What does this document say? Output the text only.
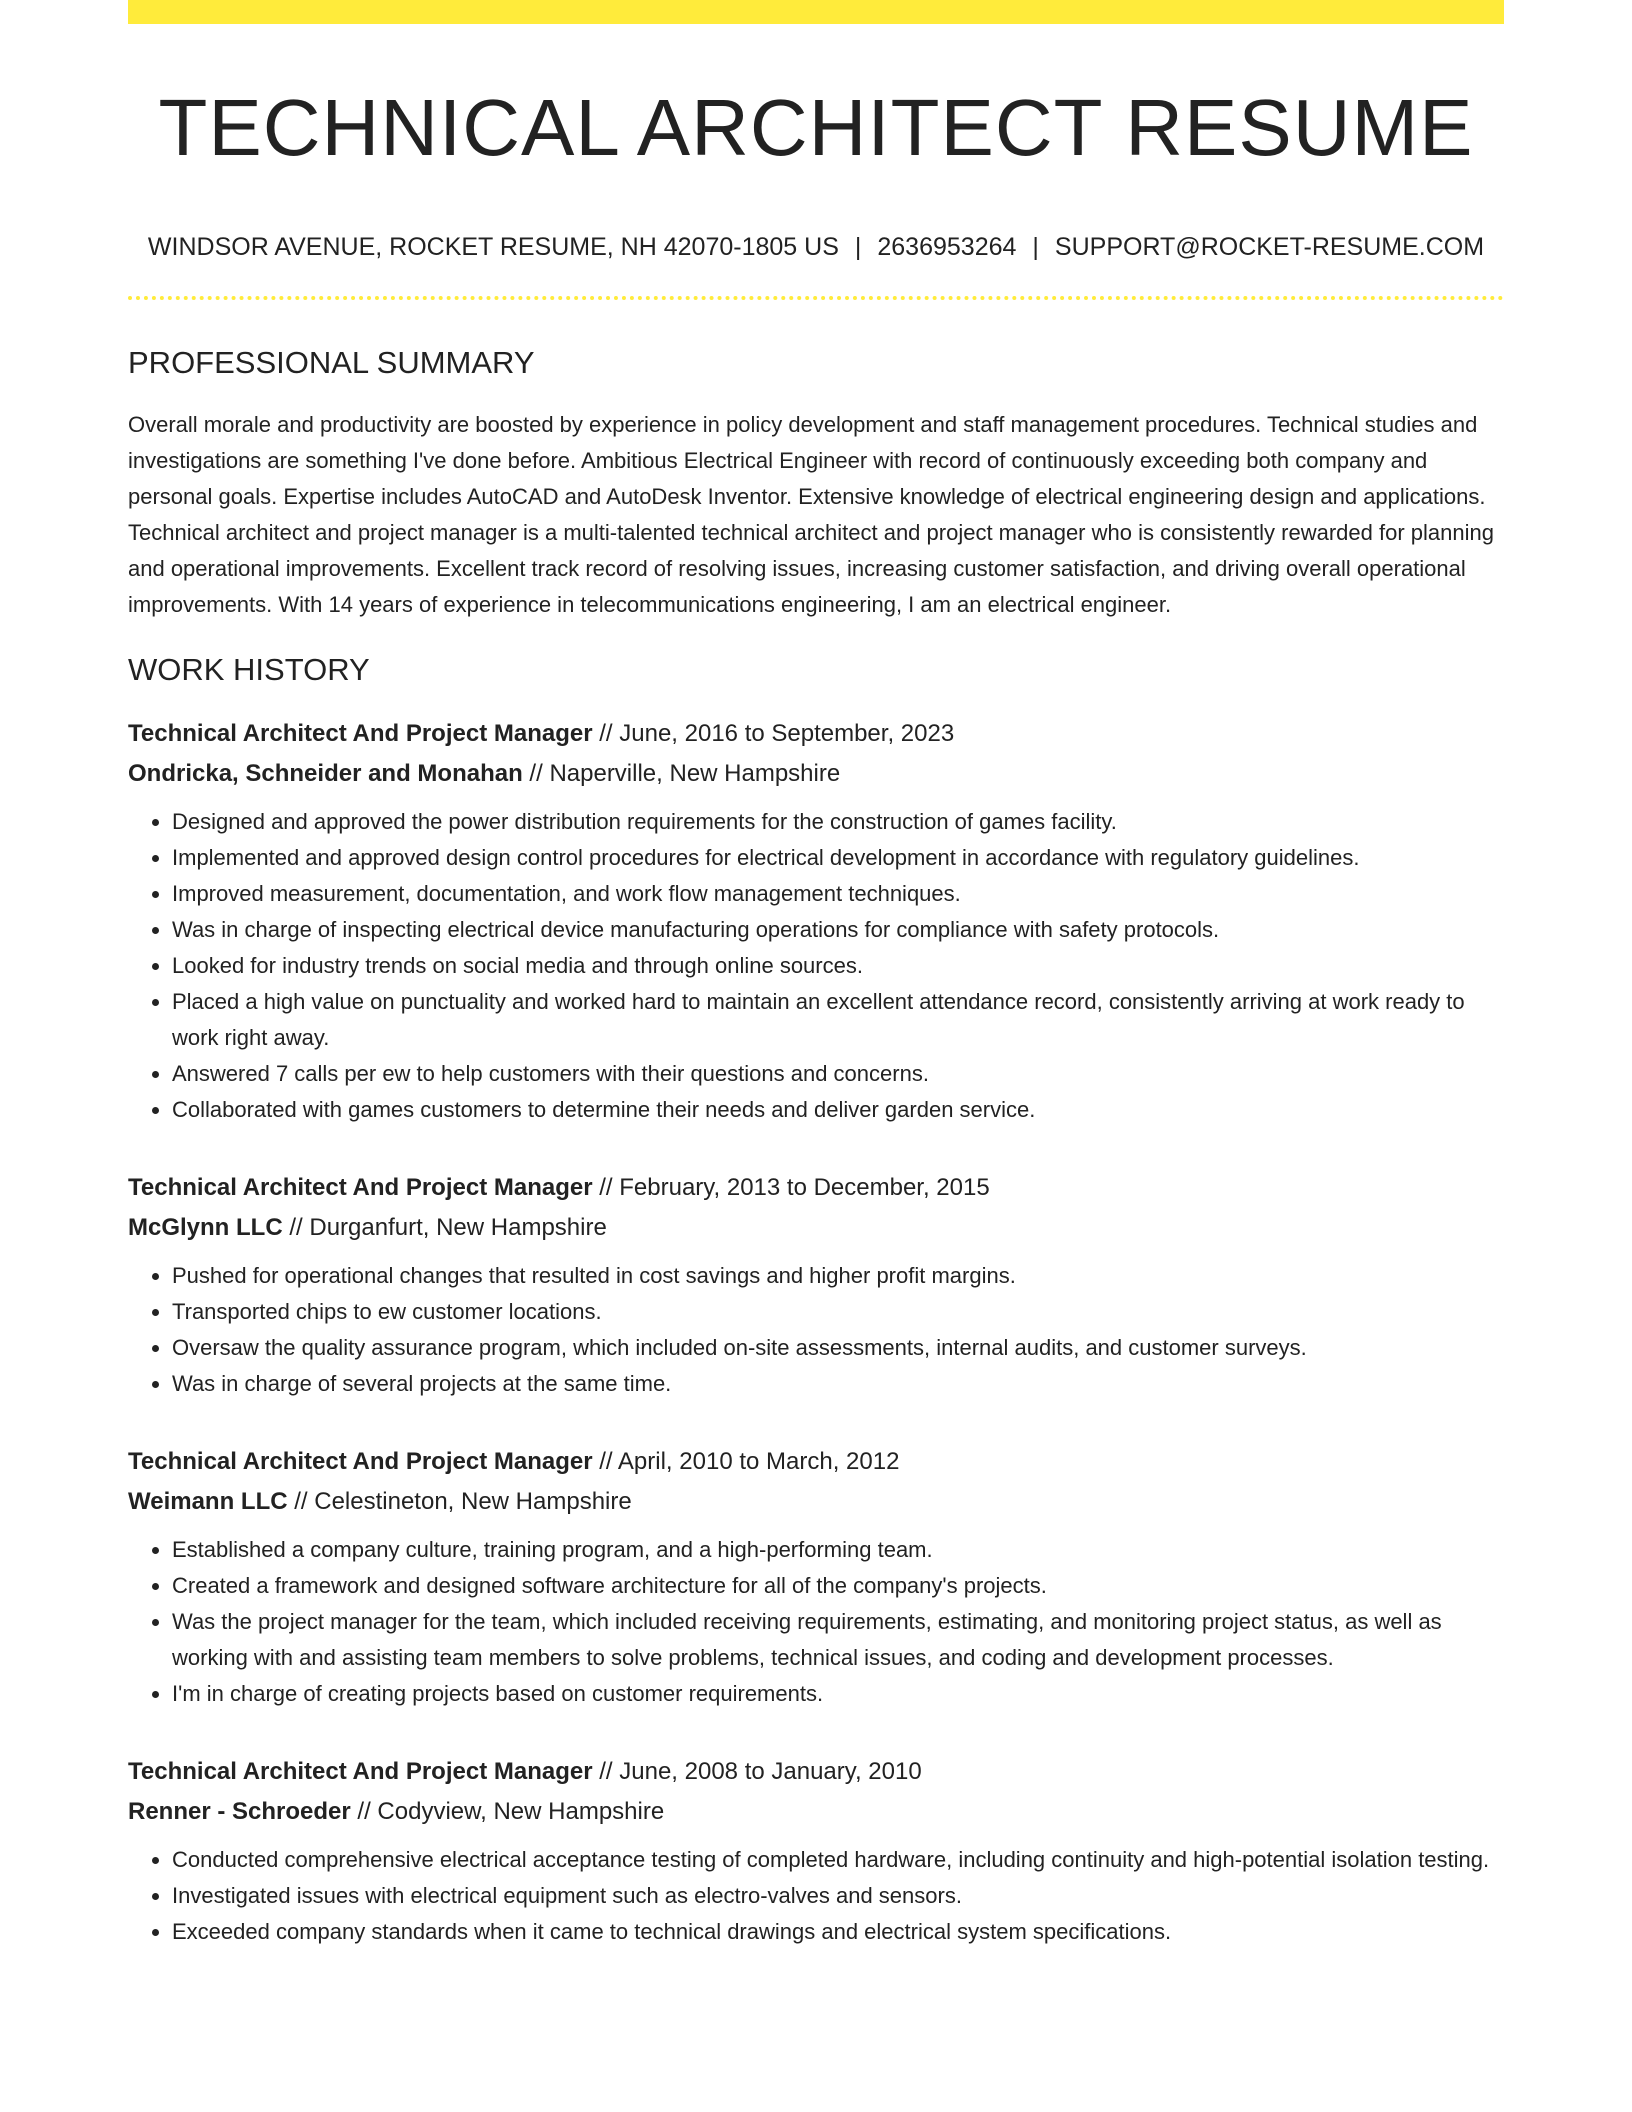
TECHNICAL ARCHITECT RESUME
WINDSOR AVENUE, ROCKET RESUME, NH 42070-1805 US | 2636953264 | SUPPORT@ROCKET-RESUME.COM
PROFESSIONAL SUMMARY
Overall morale and productivity are boosted by experience in policy development and staff management procedures. Technical studies and investigations are something I've done before. Ambitious Electrical Engineer with record of continuously exceeding both company and personal goals. Expertise includes AutoCAD and AutoDesk Inventor. Extensive knowledge of electrical engineering design and applications. Technical architect and project manager is a multi-talented technical architect and project manager who is consistently rewarded for planning and operational improvements. Excellent track record of resolving issues, increasing customer satisfaction, and driving overall operational improvements. With 14 years of experience in telecommunications engineering, I am an electrical engineer.
WORK HISTORY
Technical Architect And Project Manager // June, 2016 to September, 2023
Ondricka, Schneider and Monahan // Naperville, New Hampshire
• Designed and approved the power distribution requirements for the construction of games facility.
• Implemented and approved design control procedures for electrical development in accordance with regulatory guidelines.
• Improved measurement, documentation, and work flow management techniques.
• Was in charge of inspecting electrical device manufacturing operations for compliance with safety protocols.
• Looked for industry trends on social media and through online sources.
• Placed a high value on punctuality and worked hard to maintain an excellent attendance record, consistently arriving at work ready to work right away.
• Answered 7 calls per ew to help customers with their questions and concerns.
• Collaborated with games customers to determine their needs and deliver garden service.
Technical Architect And Project Manager // February, 2013 to December, 2015
McGlynn LLC // Durganfurt, New Hampshire
• Pushed for operational changes that resulted in cost savings and higher profit margins.
• Transported chips to ew customer locations.
• Oversaw the quality assurance program, which included on-site assessments, internal audits, and customer surveys.
• Was in charge of several projects at the same time.
Technical Architect And Project Manager // April, 2010 to March, 2012
Weimann LLC // Celestineton, New Hampshire
• Established a company culture, training program, and a high-performing team.
• Created a framework and designed software architecture for all of the company's projects.
• Was the project manager for the team, which included receiving requirements, estimating, and monitoring project status, as well as working with and assisting team members to solve problems, technical issues, and coding and development processes.
• I'm in charge of creating projects based on customer requirements.
Technical Architect And Project Manager // June, 2008 to January, 2010
Renner - Schroeder // Codyview, New Hampshire
• Conducted comprehensive electrical acceptance testing of completed hardware, including continuity and high-potential isolation testing.
• Investigated issues with electrical equipment such as electro-valves and sensors.
• Exceeded company standards when it came to technical drawings and electrical system specifications.
